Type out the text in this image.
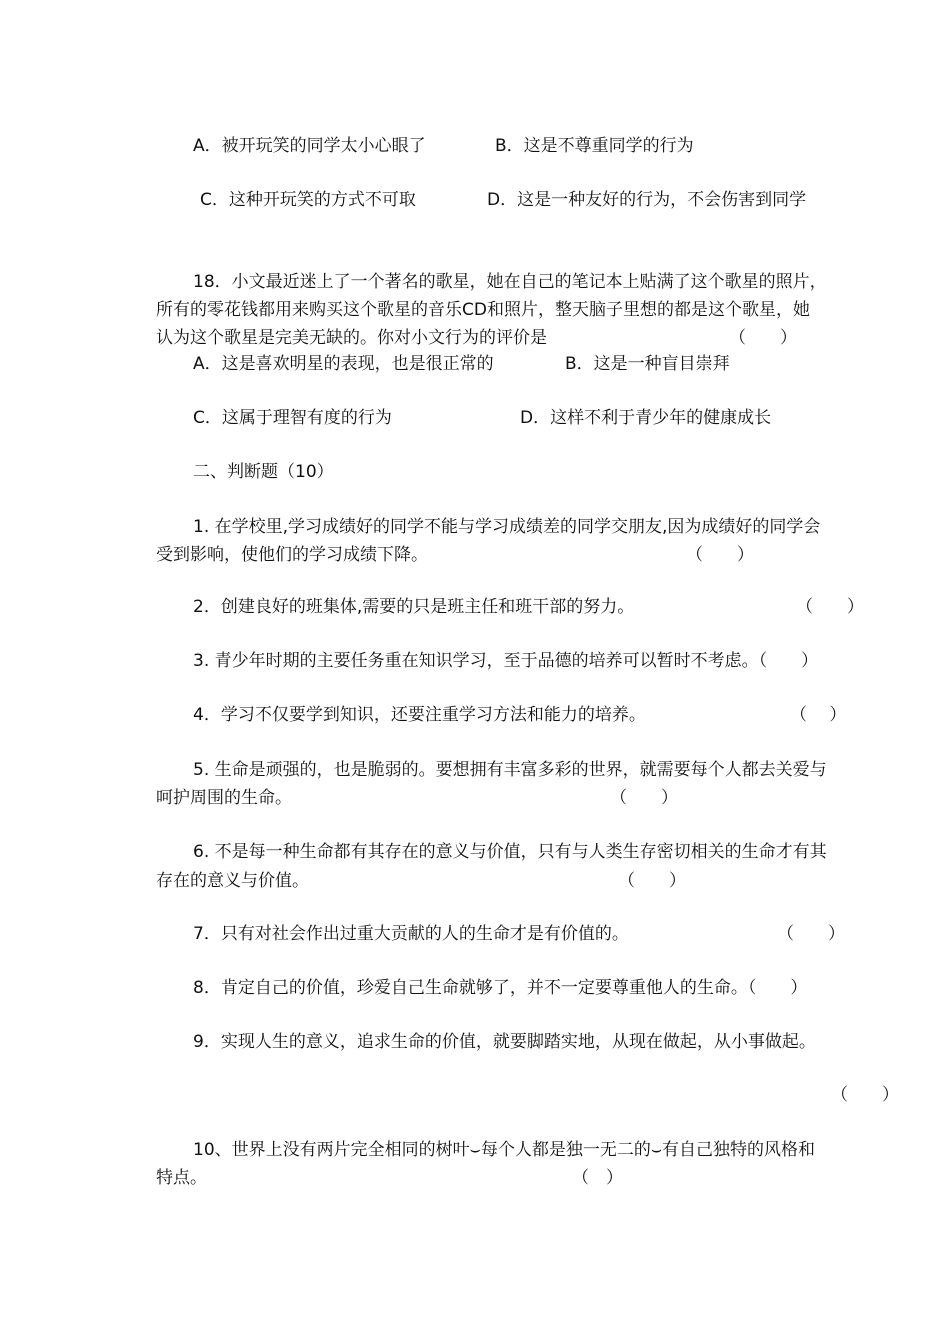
A．被开玩笑的同学太小心眼了	B．这是不尊重同学的行为
C．这种开玩笑的方式不可取	D．这是一种友好的行为，不会伤害到同学
18．小文最近迷上了一个著名的歌星，她在自己的笔记本上贴满了这个歌星的照片，
所有的零花钱都用来购买这个歌星的音乐CD和照片，整天脑子里想的都是这个歌星，她
认为这个歌星是完美无缺的。你对小文行为的评价是	（　　）
A．这是喜欢明星的表现，也是很正常的	B．这是一种盲目崇拜
C．这属于理智有度的行为	D．这样不利于青少年的健康成长
二、判断题（10）
1. 在学校里,学习成绩好的同学不能与学习成绩差的同学交朋友,因为成绩好的同学会
受到影响，使他们的学习成绩下降。	（　　）
2．创建良好的班集体,需要的只是班主任和班干部的努力。	（　　）
3. 青少年时期的主要任务重在知识学习，至于品德的培养可以暂时不考虑。（　　）
4．学习不仅要学到知识，还要注重学习方法和能力的培养。	（　 ）
5. 生命是顽强的，也是脆弱的。要想拥有丰富多彩的世界，就需要每个人都去关爱与
呵护周围的生命。	（　　）
6. 不是每一种生命都有其存在的意义与价值，只有与人类生存密切相关的生命才有其
存在的意义与价值。	（　　）
7．只有对社会作出过重大贡献的人的生命才是有价值的。	（　　）
8．肯定自己的价值，珍爱自己生命就够了，并不一定要尊重他人的生命。（　　）
9．实现人生的意义，追求生命的价值，就要脚踏实地，从现在做起，从小事做起。
（　　）
10、世界上没有两片完全相同的树叶⌣每个人都是独一无二的⌣有自己独特的风格和
特点。	（　）
